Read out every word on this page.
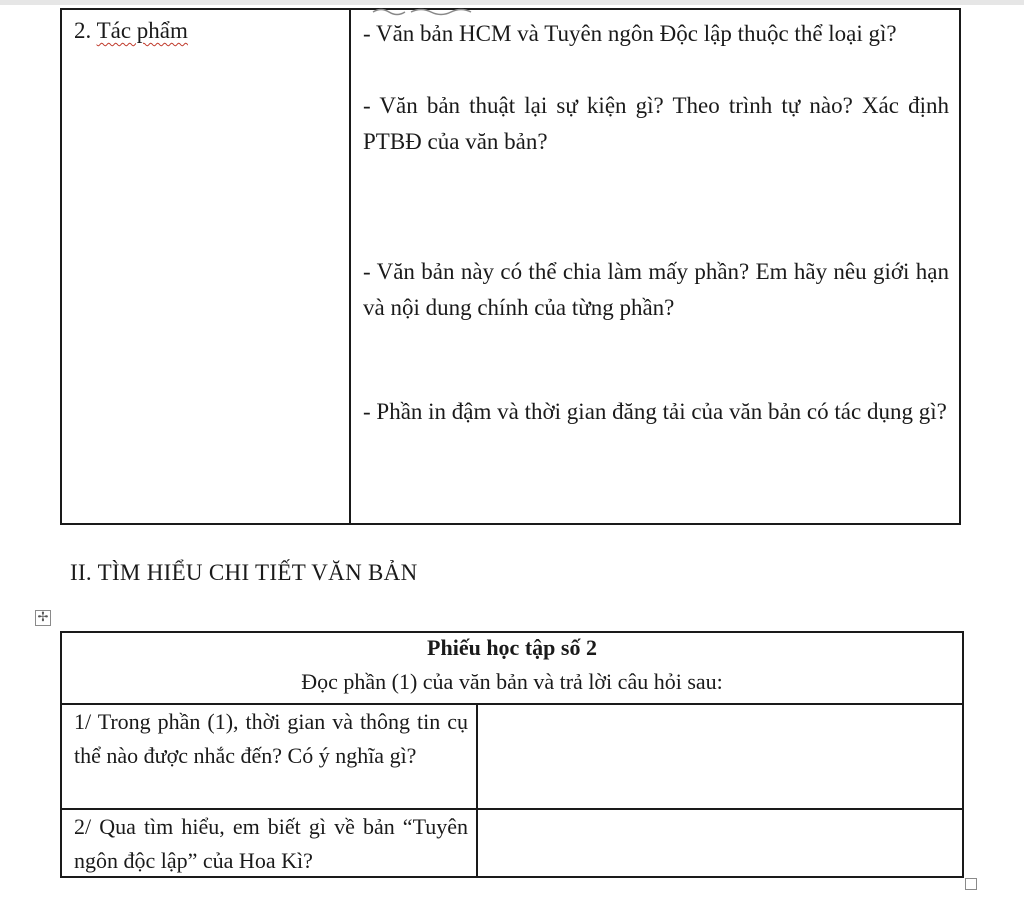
2. Tác phẩm	- Văn bản HCM và Tuyên ngôn Độc lập thuộc thể loại gì?
- Văn bản thuật lại sự kiện gì? Theo trình tự nào? Xác định PTBĐ của văn bản?
- Văn bản này có thể chia làm mấy phần? Em hãy nêu giới hạn và nội dung chính của từng phần?
- Phần in đậm và thời gian đăng tải của văn bản có tác dụng gì?
II. TÌM HIỂU CHI TIẾT VĂN BẢN
✢
Phiếu học tập số 2
Đọc phần (1) của văn bản và trả lời câu hỏi sau:
1/ Trong phần (1), thời gian và thông tin cụ thể nào được nhắc đến? Có ý nghĩa gì?
2/ Qua tìm hiểu, em biết gì về bản “Tuyên ngôn độc lập” của Hoa Kì?
